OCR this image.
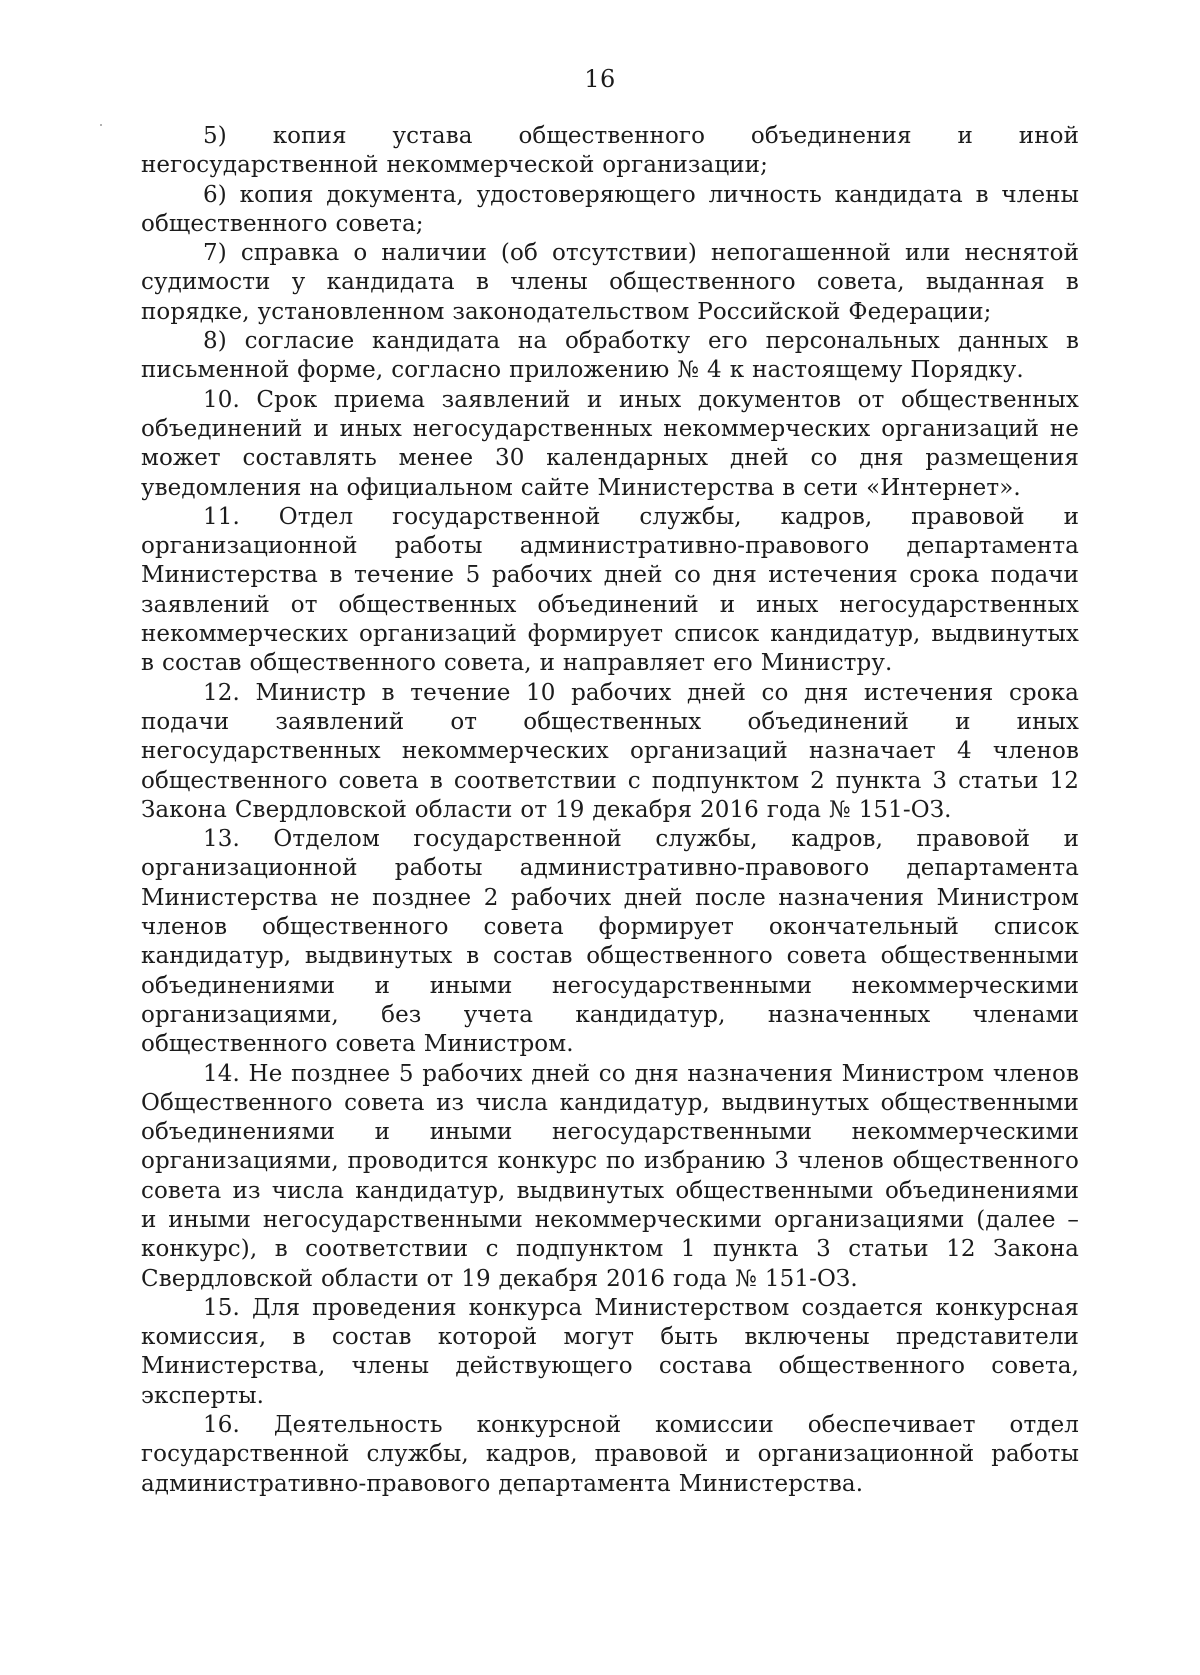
16

5) копия устава общественного объединения и иной негосударственной некоммерческой организации;

6) копия документа, удостоверяющего личность кандидата в члены общественного совета;

7) справка о наличии (об отсутствии) непогашенной или неснятой судимости у кандидата в члены общественного совета, выданная в порядке, установленном законодательством Российской Федерации;

8) согласие кандидата на обработку его персональных данных в письменной форме, согласно приложению № 4 к настоящему Порядку.

10. Срок приема заявлений и иных документов от общественных объединений и иных негосударственных некоммерческих организаций не может составлять менее 30 календарных дней со дня размещения уведомления на официальном сайте Министерства в сети «Интернет».

11. Отдел государственной службы, кадров, правовой и организационной работы административно-правового департамента Министерства в течение 5 рабочих дней со дня истечения срока подачи заявлений от общественных объединений и иных негосударственных некоммерческих организаций формирует список кандидатур, выдвинутых в состав общественного совета, и направляет его Министру.

12. Министр в течение 10 рабочих дней со дня истечения срока подачи заявлений от общественных объединений и иных негосударственных некоммерческих организаций назначает 4 членов общественного совета в соответствии с подпунктом 2 пункта 3 статьи 12 Закона Свердловской области от 19 декабря 2016 года № 151-ОЗ.

13. Отделом государственной службы, кадров, правовой и организационной работы административно-правового департамента Министерства не позднее 2 рабочих дней после назначения Министром членов общественного совета формирует окончательный список кандидатур, выдвинутых в состав общественного совета общественными объединениями и иными негосударственными некоммерческими организациями, без учета кандидатур, назначенных членами общественного совета Министром.

14. Не позднее 5 рабочих дней со дня назначения Министром членов Общественного совета из числа кандидатур, выдвинутых общественными объединениями и иными негосударственными некоммерческими организациями, проводится конкурс по избранию 3 членов общественного совета из числа кандидатур, выдвинутых общественными объединениями и иными негосударственными некоммерческими организациями (далее – конкурс), в соответствии с подпунктом 1 пункта 3 статьи 12 Закона Свердловской области от 19 декабря 2016 года № 151-ОЗ.

15. Для проведения конкурса Министерством создается конкурсная комиссия, в состав которой могут быть включены представители Министерства, члены действующего состава общественного совета, эксперты.

16. Деятельность конкурсной комиссии обеспечивает отдел государственной службы, кадров, правовой и организационной работы административно-правового департамента Министерства.
